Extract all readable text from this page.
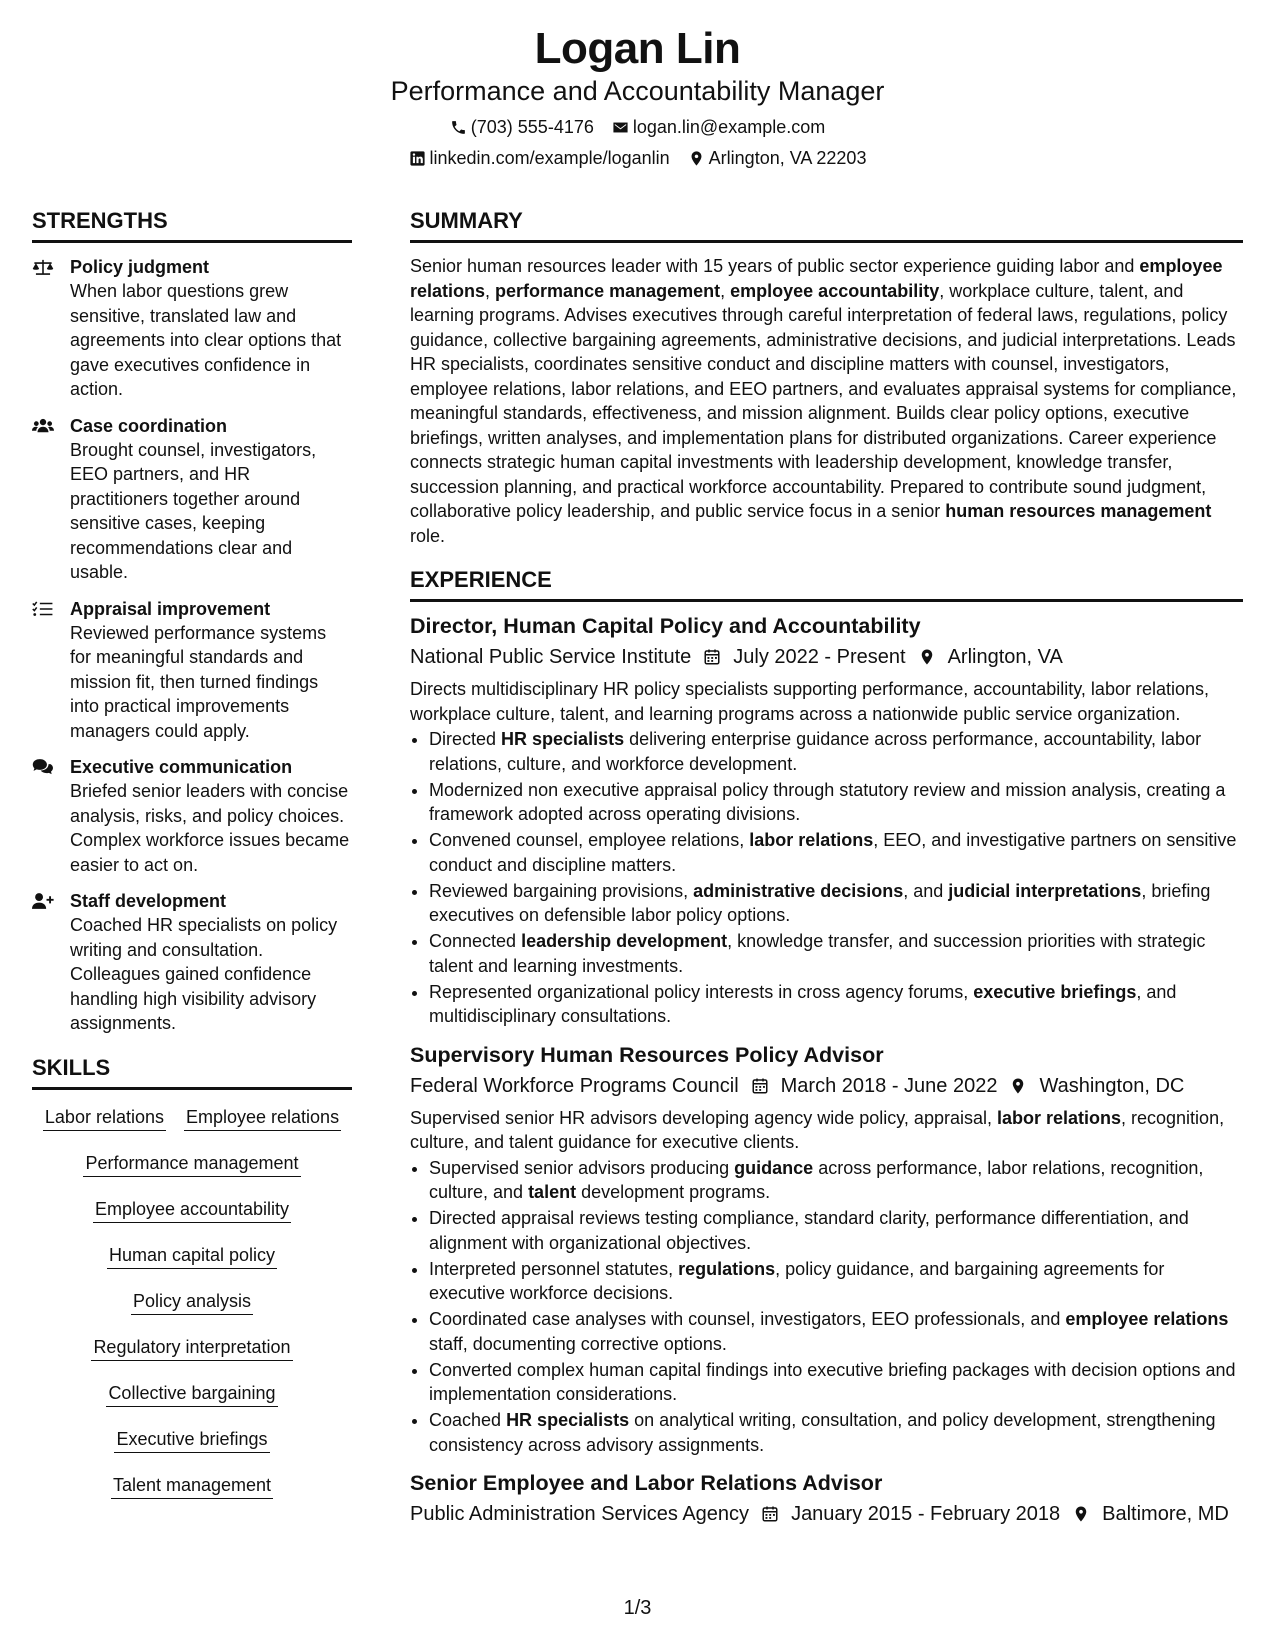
Logan Lin
Performance and Accountability Manager
(703) 555-4176 logan.lin@example.com
linkedin.com/example/loganlin Arlington, VA 22203
STRENGTHS
Policy judgment
When labor questions grew sensitive, translated law and agreements into clear options that gave executives confidence in action.
Case coordination
Brought counsel, investigators, EEO partners, and HR practitioners together around sensitive cases, keeping recommendations clear and usable.
Appraisal improvement
Reviewed performance systems for meaningful standards and mission fit, then turned findings into practical improvements managers could apply.
Executive communication
Briefed senior leaders with concise analysis, risks, and policy choices. Complex workforce issues became easier to act on.
Staff development
Coached HR specialists on policy writing and consultation. Colleagues gained confidence handling high visibility advisory assignments.
SKILLS
Labor relations Employee relations
Performance management
Employee accountability
Human capital policy
Policy analysis
Regulatory interpretation
Collective bargaining
Executive briefings
Talent management
SUMMARY
Senior human resources leader with 15 years of public sector experience guiding labor and employee relations, performance management, employee accountability, workplace culture, talent, and learning programs. Advises executives through careful interpretation of federal laws, regulations, policy guidance, collective bargaining agreements, administrative decisions, and judicial interpretations. Leads HR specialists, coordinates sensitive conduct and discipline matters with counsel, investigators, employee relations, labor relations, and EEO partners, and evaluates appraisal systems for compliance, meaningful standards, effectiveness, and mission alignment. Builds clear policy options, executive briefings, written analyses, and implementation plans for distributed organizations. Career experience connects strategic human capital investments with leadership development, knowledge transfer, succession planning, and practical workforce accountability. Prepared to contribute sound judgment, collaborative policy leadership, and public service focus in a senior human resources management role.
EXPERIENCE
Director, Human Capital Policy and Accountability
National Public Service Institute July 2022 - Present Arlington, VA
Directs multidisciplinary HR policy specialists supporting performance, accountability, labor relations, workplace culture, talent, and learning programs across a nationwide public service organization.
• Directed HR specialists delivering enterprise guidance across performance, accountability, labor relations, culture, and workforce development.
• Modernized non executive appraisal policy through statutory review and mission analysis, creating a framework adopted across operating divisions.
• Convened counsel, employee relations, labor relations, EEO, and investigative partners on sensitive conduct and discipline matters.
• Reviewed bargaining provisions, administrative decisions, and judicial interpretations, briefing executives on defensible labor policy options.
• Connected leadership development, knowledge transfer, and succession priorities with strategic talent and learning investments.
• Represented organizational policy interests in cross agency forums, executive briefings, and multidisciplinary consultations.
Supervisory Human Resources Policy Advisor
Federal Workforce Programs Council March 2018 - June 2022 Washington, DC
Supervised senior HR advisors developing agency wide policy, appraisal, labor relations, recognition, culture, and talent guidance for executive clients.
• Supervised senior advisors producing guidance across performance, labor relations, recognition, culture, and talent development programs.
• Directed appraisal reviews testing compliance, standard clarity, performance differentiation, and alignment with organizational objectives.
• Interpreted personnel statutes, regulations, policy guidance, and bargaining agreements for executive workforce decisions.
• Coordinated case analyses with counsel, investigators, EEO professionals, and employee relations staff, documenting corrective options.
• Converted complex human capital findings into executive briefing packages with decision options and implementation considerations.
• Coached HR specialists on analytical writing, consultation, and policy development, strengthening consistency across advisory assignments.
Senior Employee and Labor Relations Advisor
Public Administration Services Agency January 2015 - February 2018 Baltimore, MD
1/3
